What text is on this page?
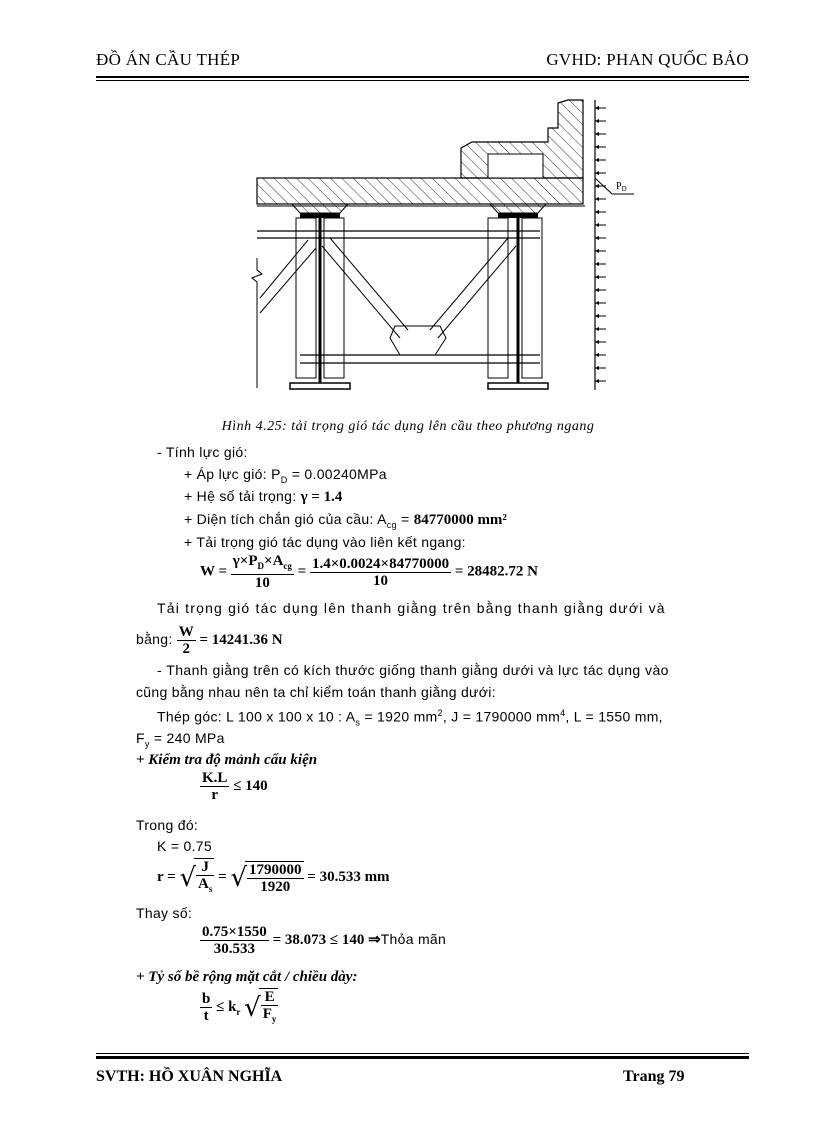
ĐỒ ÁN CẦU THÉP	GVHD: PHAN QUỐC BẢO
$P_D$
Hình 4.25: tải trọng gió tác dụng lên cầu theo phương ngang
- Tính lực gió:
+ Áp lực gió: $P_D = 0.00240MPa$
+ Hệ số tải trọng: γ = 1.4
+ Diện tích chắn gió của cầu: $A_{cg} = 84770000$ mm²
+ Tải trọng gió tác dụng vào liên kết ngang:
$W = \frac{\gamma\times P_D\times A_{cg}}{10} = \frac{1.4\times 0.0024\times 84770000}{10} = 28482.72$ N
Tải trọng gió tác dụng lên thanh giằng trên bằng thanh giằng dưới và
bằng: $\frac{W}{2} = 14241.36$ N
- Thanh giằng trên có kích thước giống thanh giằng dưới và lực tác dụng vào
cũng bằng nhau nên ta chỉ kiểm toán thanh giằng dưới:
Thép góc: L 100 x 100 x 10 : $A_s = 1920$ $mm^2$, J = 1790000 $mm^4$, L = 1550 mm,
$F_y = 240$ MPa
+ Kiểm tra độ mảnh cấu kiện
$\frac{K.L}{r} \le 140$
Trong đó:
K = 0.75
r = √ $\frac{J}{A_s}$ = √ $\frac{1790000}{1920} = 30.533$ mm
Thay số:
$\frac{0.75\times 1550}{30.533} = 38.073 \le 140$ ⇒Thỏa mãn
+ Tỷ số bề rộng mặt cắt / chiều dày:
$\frac{b}{t} \le k_r$ √ $\frac{E}{F_y}$
SVTH: HỒ XUÂN NGHĨA	Trang 79
